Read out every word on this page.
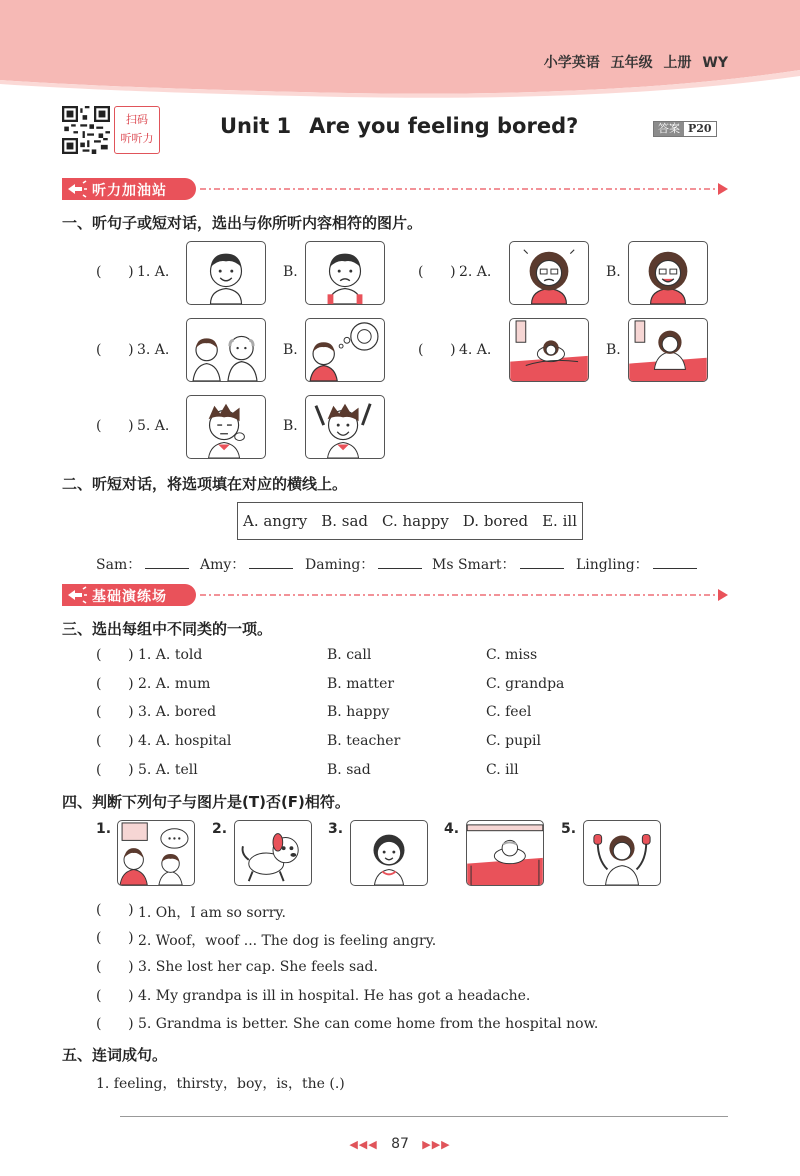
小学英语 五年级 上册 WY
扫码
听听力
Unit 1 Are you feeling bored?	答案 P20
听力加油站
一、听句子或短对话，选出与你所听内容相符的图片。
(      ) 1. A.	B.	(      ) 2. A.	B.
(      ) 3. A.	B.	(      ) 4. A.	B.
(      ) 5. A.	B.
二、听短对话，将选项填在对应的横线上。
A. angry B. sad C. happy D. bored E. ill
Sam：	Amy：	Daming：	Ms Smart：	Lingling：
基础演练场
三、选出每组中不同类的一项。
(      ) 1. A. told	B. call	C. miss
(      ) 2. A. mum	B. matter	C. grandpa
(      ) 3. A. bored	B. happy	C. feel
(      ) 4. A. hospital	B. teacher	C. pupil
(      ) 5. A. tell	B. sad	C. ill
四、判断下列句子与图片是(T)否(F)相符。
1.	2.	3.	4.	5.
(      ) 1. Oh，I am so sorry.
(      ) 2. Woof，woof ... The dog is feeling angry.
(      ) 3. She lost her cap. She feels sad.
(      ) 4. My grandpa is ill in hospital. He has got a headache.
(      ) 5. Grandma is better. She can come home from the hospital now.
五、连词成句。
1. feeling，thirsty，boy，is，the (.)
◀◀◀ 87 ▶▶▶
